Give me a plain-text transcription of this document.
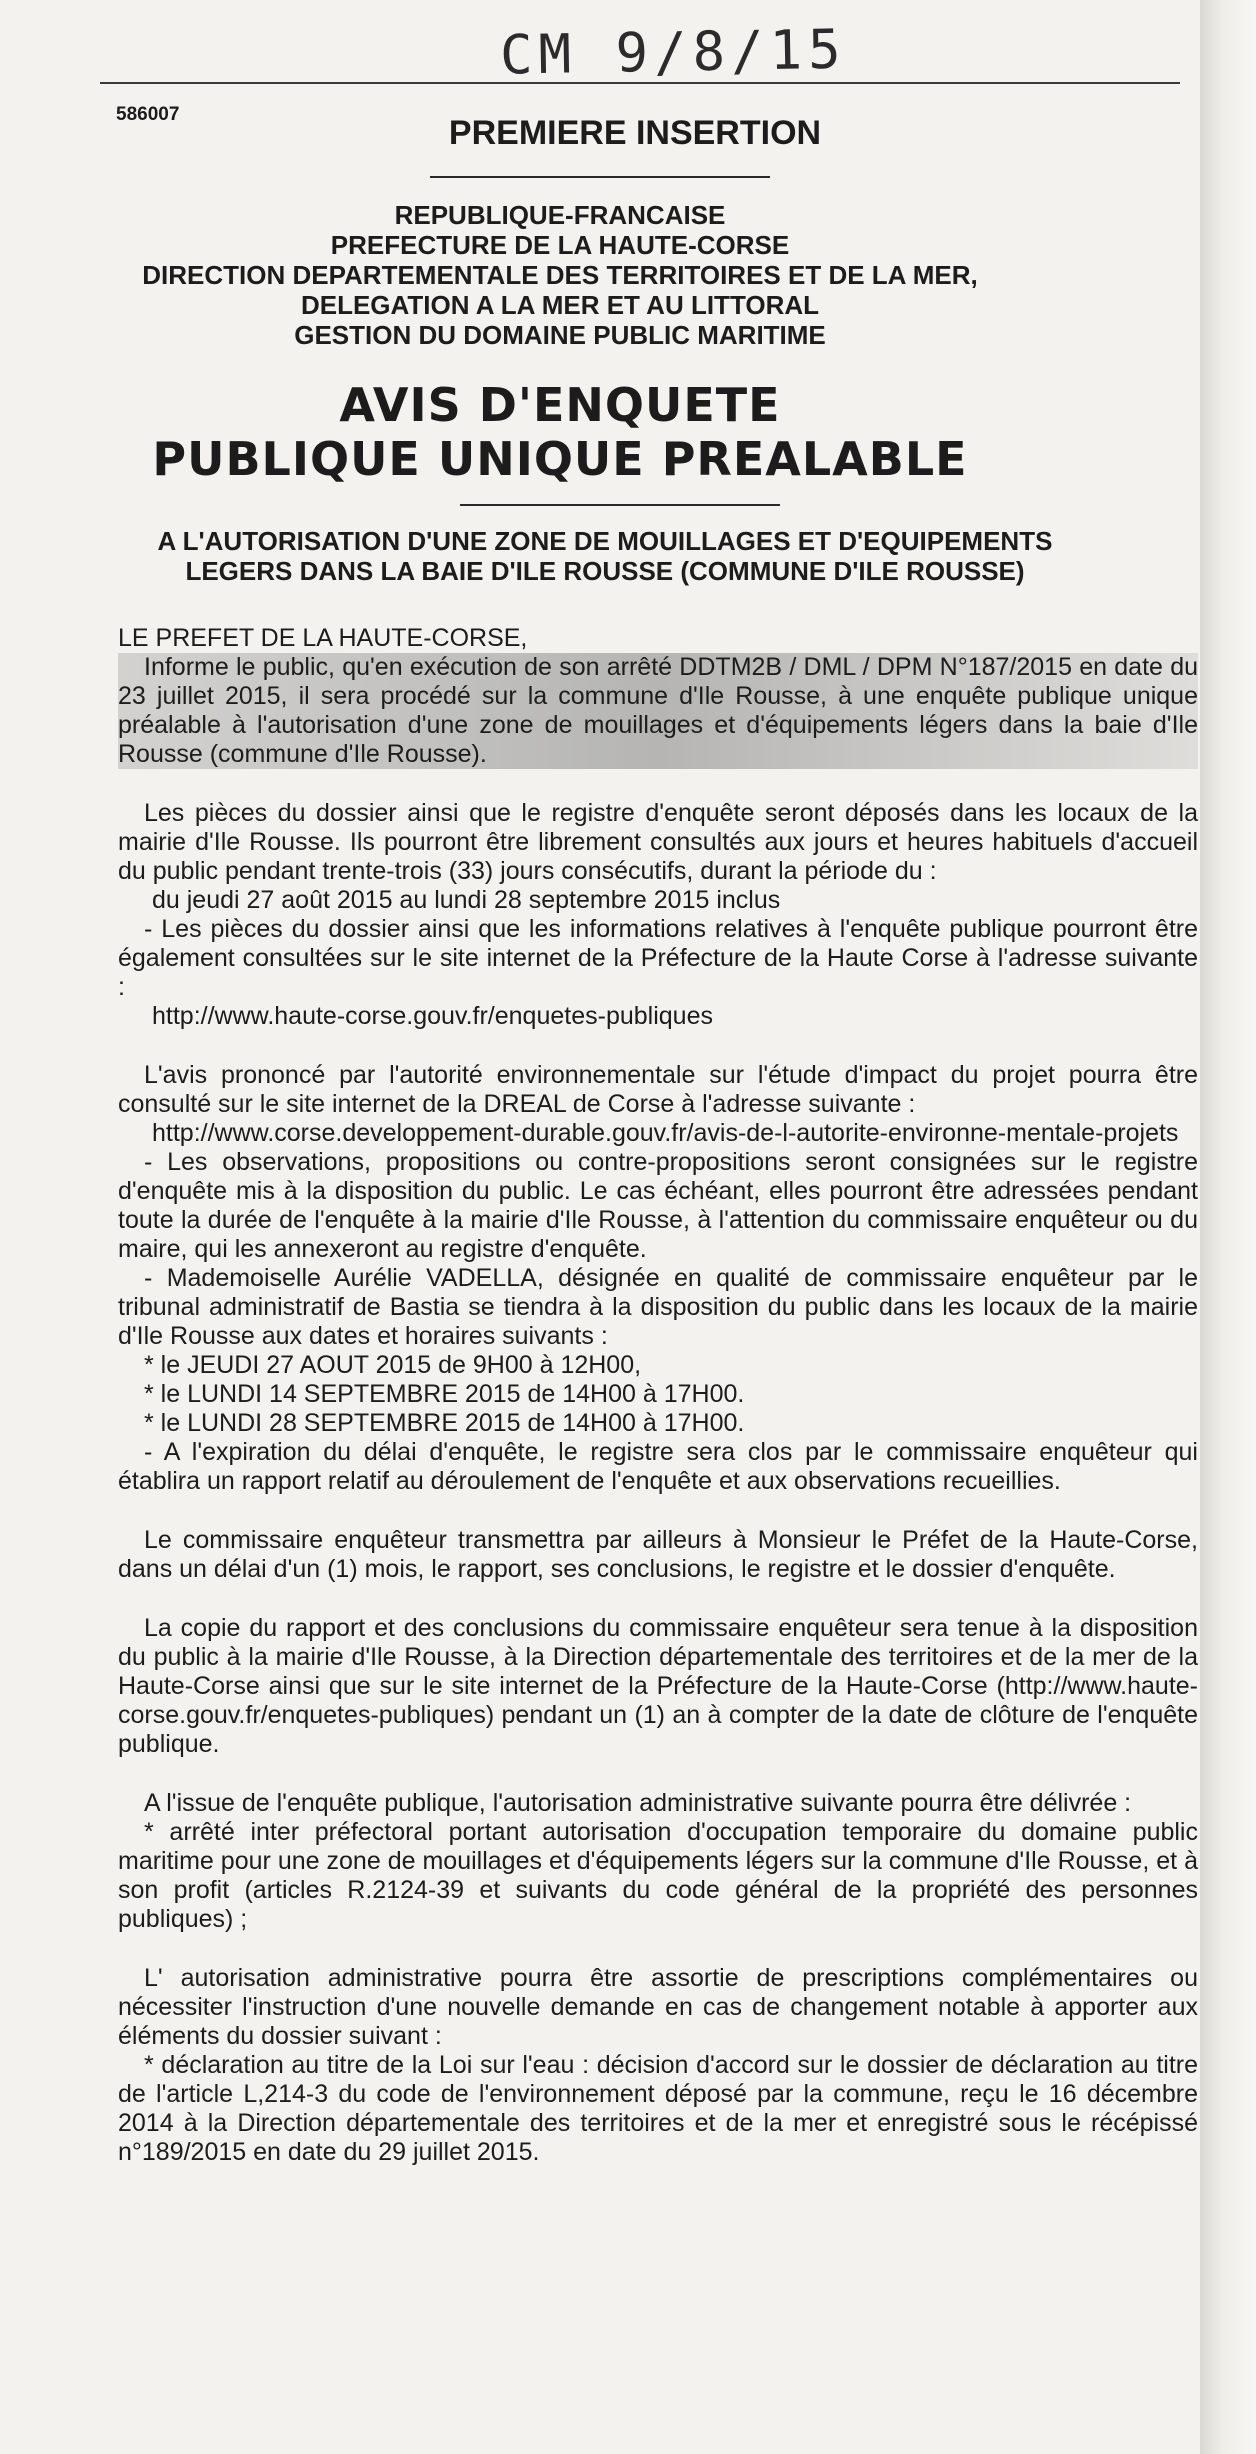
CM 9/8/15
586007	PREMIERE INSERTION
REPUBLIQUE-FRANCAISE
PREFECTURE DE LA HAUTE-CORSE
DIRECTION DEPARTEMENTALE DES TERRITOIRES ET DE LA MER,
DELEGATION A LA MER ET AU LITTORAL
GESTION DU DOMAINE PUBLIC MARITIME
AVIS D'ENQUETE
PUBLIQUE UNIQUE PREALABLE
A L'AUTORISATION D'UNE ZONE DE MOUILLAGES ET D'EQUIPEMENTS
LEGERS DANS LA BAIE D'ILE ROUSSE (COMMUNE D'ILE ROUSSE)

LE PREFET DE LA HAUTE-CORSE,

Informe le public, qu'en exécution de son arrêté DDTM2B / DML / DPM N°187/2015 en date du 23 juillet 2015, il sera procédé sur la commune d'Ile Rousse, à une enquête publique unique préalable à l'autorisation d'une zone de mouillages et d'équipements légers dans la baie d'Ile Rousse (commune d'Ile Rousse).

Les pièces du dossier ainsi que le registre d'enquête seront déposés dans les locaux de la mairie d'Ile Rousse. Ils pourront être librement consultés aux jours et heures habituels d'accueil du public pendant trente-trois (33) jours consécutifs, durant la période du :

du jeudi 27 août 2015 au lundi 28 septembre 2015 inclus

- Les pièces du dossier ainsi que les informations relatives à l'enquête publique pourront être également consultées sur le site internet de la Préfecture de la Haute Corse à l'adresse suivante :

http://www.haute-corse.gouv.fr/enquetes-publiques

L'avis prononcé par l'autorité environnementale sur l'étude d'impact du projet pourra être consulté sur le site internet de la DREAL de Corse à l'adresse suivante :

http://www.corse.developpement-durable.gouv.fr/avis-de-l-autorite-environne-mentale-projets

- Les observations, propositions ou contre-propositions seront consignées sur le registre d'enquête mis à la disposition du public. Le cas échéant, elles pourront être adressées pendant toute la durée de l'enquête à la mairie d'Ile Rousse, à l'attention du commissaire enquêteur ou du maire, qui les annexeront au registre d'enquête.

- Mademoiselle Aurélie VADELLA, désignée en qualité de commissaire enquêteur par le tribunal administratif de Bastia se tiendra à la disposition du public dans les locaux de la mairie d'Ile Rousse aux dates et horaires suivants :

* le JEUDI 27 AOUT 2015 de 9H00 à 12H00,

* le LUNDI 14 SEPTEMBRE 2015 de 14H00 à 17H00.

* le LUNDI 28 SEPTEMBRE 2015 de 14H00 à 17H00.

- A l'expiration du délai d'enquête, le registre sera clos par le commissaire enquêteur qui établira un rapport relatif au déroulement de l'enquête et aux observations recueillies.

Le commissaire enquêteur transmettra par ailleurs à Monsieur le Préfet de la Haute-Corse, dans un délai d'un (1) mois, le rapport, ses conclusions, le registre et le dossier d'enquête.

La copie du rapport et des conclusions du commissaire enquêteur sera tenue à la disposition du public à la mairie d'Ile Rousse, à la Direction départementale des territoires et de la mer de la Haute-Corse ainsi que sur le site internet de la Préfecture de la Haute-Corse (http://www.haute-corse.gouv.fr/enquetes-publiques) pendant un (1) an à compter de la date de clôture de l'enquête publique.

A l'issue de l'enquête publique, l'autorisation administrative suivante pourra être délivrée :

* arrêté inter préfectoral portant autorisation d'occupation temporaire du domaine public maritime pour une zone de mouillages et d'équipements légers sur la commune d'Ile Rousse, et à son profit (articles R.2124-39 et suivants du code général de la propriété des personnes publiques) ;

L' autorisation administrative pourra être assortie de prescriptions complémentaires ou nécessiter l'instruction d'une nouvelle demande en cas de changement notable à apporter aux éléments du dossier suivant :

* déclaration au titre de la Loi sur l'eau : décision d'accord sur le dossier de déclaration au titre de l'article L,214-3 du code de l'environnement déposé par la commune, reçu le 16 décembre 2014 à la Direction départementale des territoires et de la mer et enregistré sous le récépissé n°189/2015 en date du 29 juillet 2015.
